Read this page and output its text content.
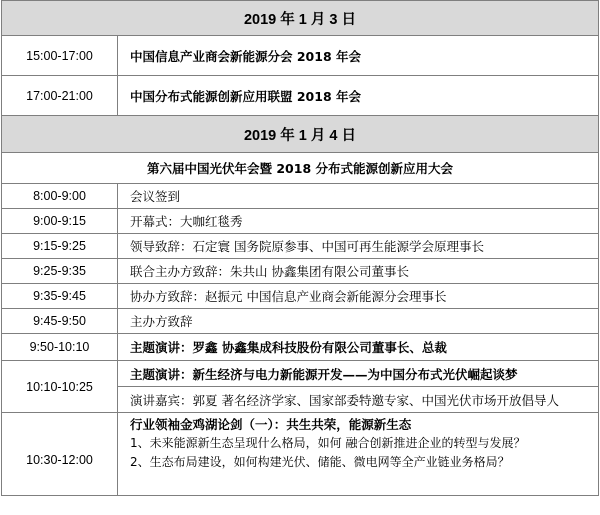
2019 年 1 月 3 日	
15:00-17:00	中国信息产业商会新能源分会 2018 年会
17:00-21:00	中国分布式能源创新应用联盟 2018 年会
2019 年 1 月 4 日	
第六届中国光伏年会暨 2018 分布式能源创新应用大会	
8:00-9:00	会议签到
9:00-9:15	开幕式：大咖红毯秀
9:15-9:25	领导致辞：石定寰 国务院原参事、中国可再生能源学会原理事长
9:25-9:35	联合主办方致辞：朱共山 协鑫集团有限公司董事长
9:35-9:45	协办方致辞：赵振元 中国信息产业商会新能源分会理事长
9:45-9:50	主办方致辞
9:50-10:10	主题演讲：罗鑫 协鑫集成科技股份有限公司董事长、总裁
10:10-10:25	主题演讲：新生经济与电力新能源开发——为中国分布式光伏崛起谈梦
	演讲嘉宾：郭夏 著名经济学家、国家部委特邀专家、中国光伏市场开放倡导人
10:30-12:00	行业领袖金鸡湖论剑（一）：共生共荣，能源新生态
1、未来能源新生态呈现什么格局，如何 融合创新推进企业的转型与发展？
2、生态布局建设，如何构建光伏、储能、微电网等全产业链业务格局？
